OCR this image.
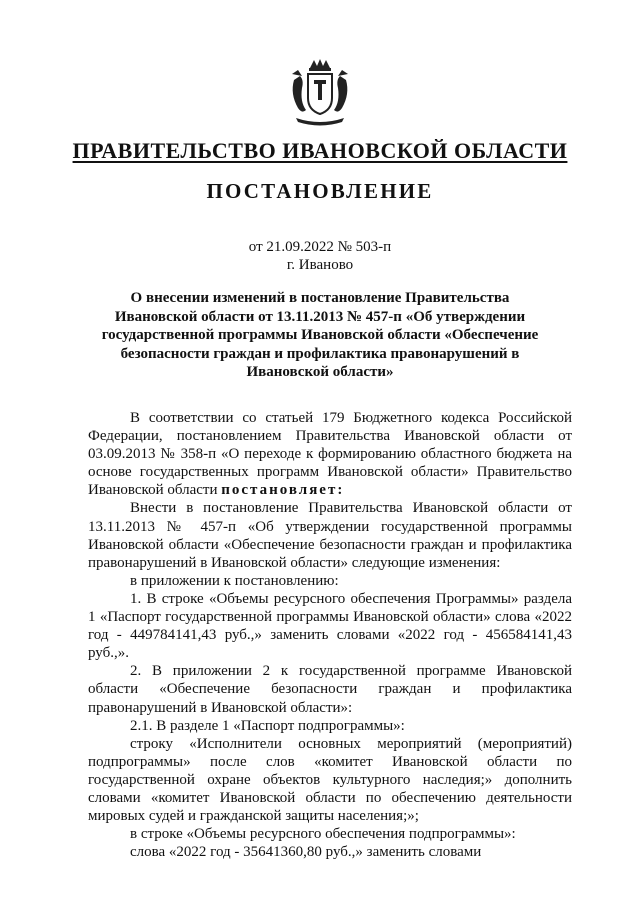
ПРАВИТЕЛЬСТВО ИВАНОВСКОЙ ОБЛАСТИ
ПОСТАНОВЛЕНИЕ
от 21.09.2022 № 503-п
г. Иваново
О внесении изменений в постановление Правительства Ивановской области от 13.11.2013 № 457-п «Об утверждении государственной программы Ивановской области «Обеспечение безопасности граждан и профилактика правонарушений в Ивановской области»

В соответствии со статьей 179 Бюджетного кодекса Российской Федерации, постановлением Правительства Ивановской области от 03.09.2013 № 358-п «О переходе к формированию областного бюджета на основе государственных программ Ивановской области» Правительство Ивановской области постановляет:

Внести в постановление Правительства Ивановской области от 13.11.2013 № 457-п «Об утверждении государственной программы Ивановской области «Обеспечение безопасности граждан и профилактика правонарушений в Ивановской области» следующие изменения:

в приложении к постановлению:

1. В строке «Объемы ресурсного обеспечения Программы» раздела 1 «Паспорт государственной программы Ивановской области» слова «2022 год - 449784141,43 руб.,» заменить словами «2022 год - 456584141,43 руб.,».

2. В приложении 2 к государственной программе Ивановской области «Обеспечение безопасности граждан и профилактика правонарушений в Ивановской области»:

2.1. В разделе 1 «Паспорт подпрограммы»:

строку «Исполнители основных мероприятий (мероприятий) подпрограммы» после слов «комитет Ивановской области по государственной охране объектов культурного наследия;» дополнить словами «комитет Ивановской области по обеспечению деятельности мировых судей и гражданской защиты населения;»;

в строке «Объемы ресурсного обеспечения подпрограммы»:

слова «2022 год - 35641360,80 руб.,» заменить словами
